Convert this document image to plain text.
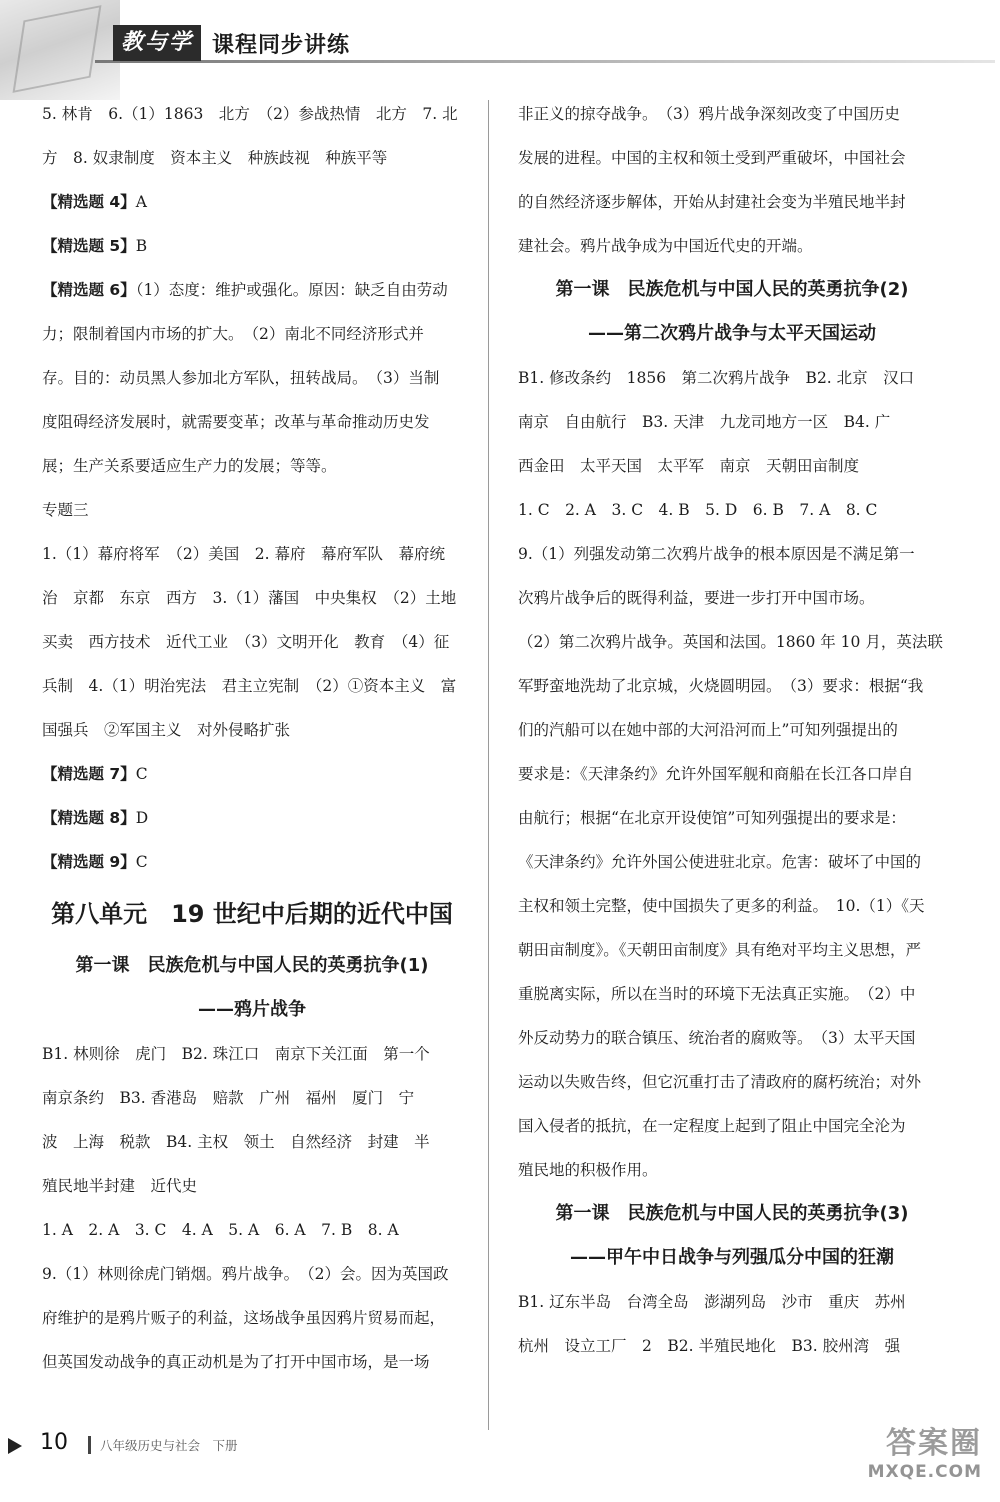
教与学 课程同步讲练

5. 林肯　6.（1）1863　北方　（2）参战热情　北方　7. 北

方　8. 奴隶制度　资本主义　种族歧视　种族平等

【精选题 4】A

【精选题 5】B

【精选题 6】（1）态度：维护或强化。原因：缺乏自由劳动

力；限制着国内市场的扩大。　（2）南北不同经济形式并

存。目的：动员黑人参加北方军队，扭转战局。　（3）当制

度阻碍经济发展时，就需要变革；改革与革命推动历史发

展；生产关系要适应生产力的发展；等等。

专题三

1.（1）幕府将军　（2）美国　2. 幕府　幕府军队　幕府统

治　京都　东京　西方　3.（1）藩国　中央集权　（2）土地

买卖　西方技术　近代工业　（3）文明开化　教育　（4）征

兵制　4.（1）明治宪法　君主立宪制　（2）①资本主义　富

国强兵　②军国主义　对外侵略扩张

【精选题 7】C

【精选题 8】D

【精选题 9】C

第八单元　19 世纪中后期的近代中国

第一课　民族危机与中国人民的英勇抗争(1)

——鸦片战争

B1. 林则徐　虎门　B2. 珠江口　南京下关江面　第一个

南京条约　B3. 香港岛　赔款　广州　福州　厦门　宁

波　上海　税款　B4. 主权　领土　自然经济　封建　半

殖民地半封建　近代史

1. A　2. A　3. C　4. A　5. A　6. A　7. B　8. A

9.（1）林则徐虎门销烟。鸦片战争。　（2）会。因为英国政

府维护的是鸦片贩子的利益，这场战争虽因鸦片贸易而起，

但英国发动战争的真正动机是为了打开中国市场，是一场

非正义的掠夺战争。　（3）鸦片战争深刻改变了中国历史

发展的进程。中国的主权和领土受到严重破坏，中国社会

的自然经济逐步解体，开始从封建社会变为半殖民地半封

建社会。鸦片战争成为中国近代史的开端。

第一课　民族危机与中国人民的英勇抗争(2)

——第二次鸦片战争与太平天国运动

B1. 修改条约　1856　第二次鸦片战争　B2. 北京　汉口

南京　自由航行　B3. 天津　九龙司地方一区　B4. 广

西金田　太平天国　太平军　南京　天朝田亩制度

1. C　2. A　3. C　4. B　5. D　6. B　7. A　8. C

9.（1）列强发动第二次鸦片战争的根本原因是不满足第一

次鸦片战争后的既得利益，要进一步打开中国市场。

（2）第二次鸦片战争。英国和法国。1860 年 10 月，英法联

军野蛮地洗劫了北京城，火烧圆明园。　（3）要求：根据“我

们的汽船可以在她中部的大河沿河而上”可知列强提出的

要求是：《天津条约》允许外国军舰和商船在长江各口岸自

由航行；根据“在北京开设使馆”可知列强提出的要求是：

《天津条约》允许外国公使进驻北京。危害：破坏了中国的

主权和领土完整，使中国损失了更多的利益。　10.（1）《天

朝田亩制度》。《天朝田亩制度》具有绝对平均主义思想，严

重脱离实际，所以在当时的环境下无法真正实施。　（2）中

外反动势力的联合镇压、统治者的腐败等。　（3）太平天国

运动以失败告终，但它沉重打击了清政府的腐朽统治；对外

国入侵者的抵抗，在一定程度上起到了阻止中国完全沦为

殖民地的积极作用。

第一课　民族危机与中国人民的英勇抗争(3)

——甲午中日战争与列强瓜分中国的狂潮

B1. 辽东半岛　台湾全岛　澎湖列岛　沙市　重庆　苏州

杭州　设立工厂　2　B2. 半殖民地化　B3. 胶州湾　强

10	八年级历史与社会　下册	答案圈
MXQE.COM
